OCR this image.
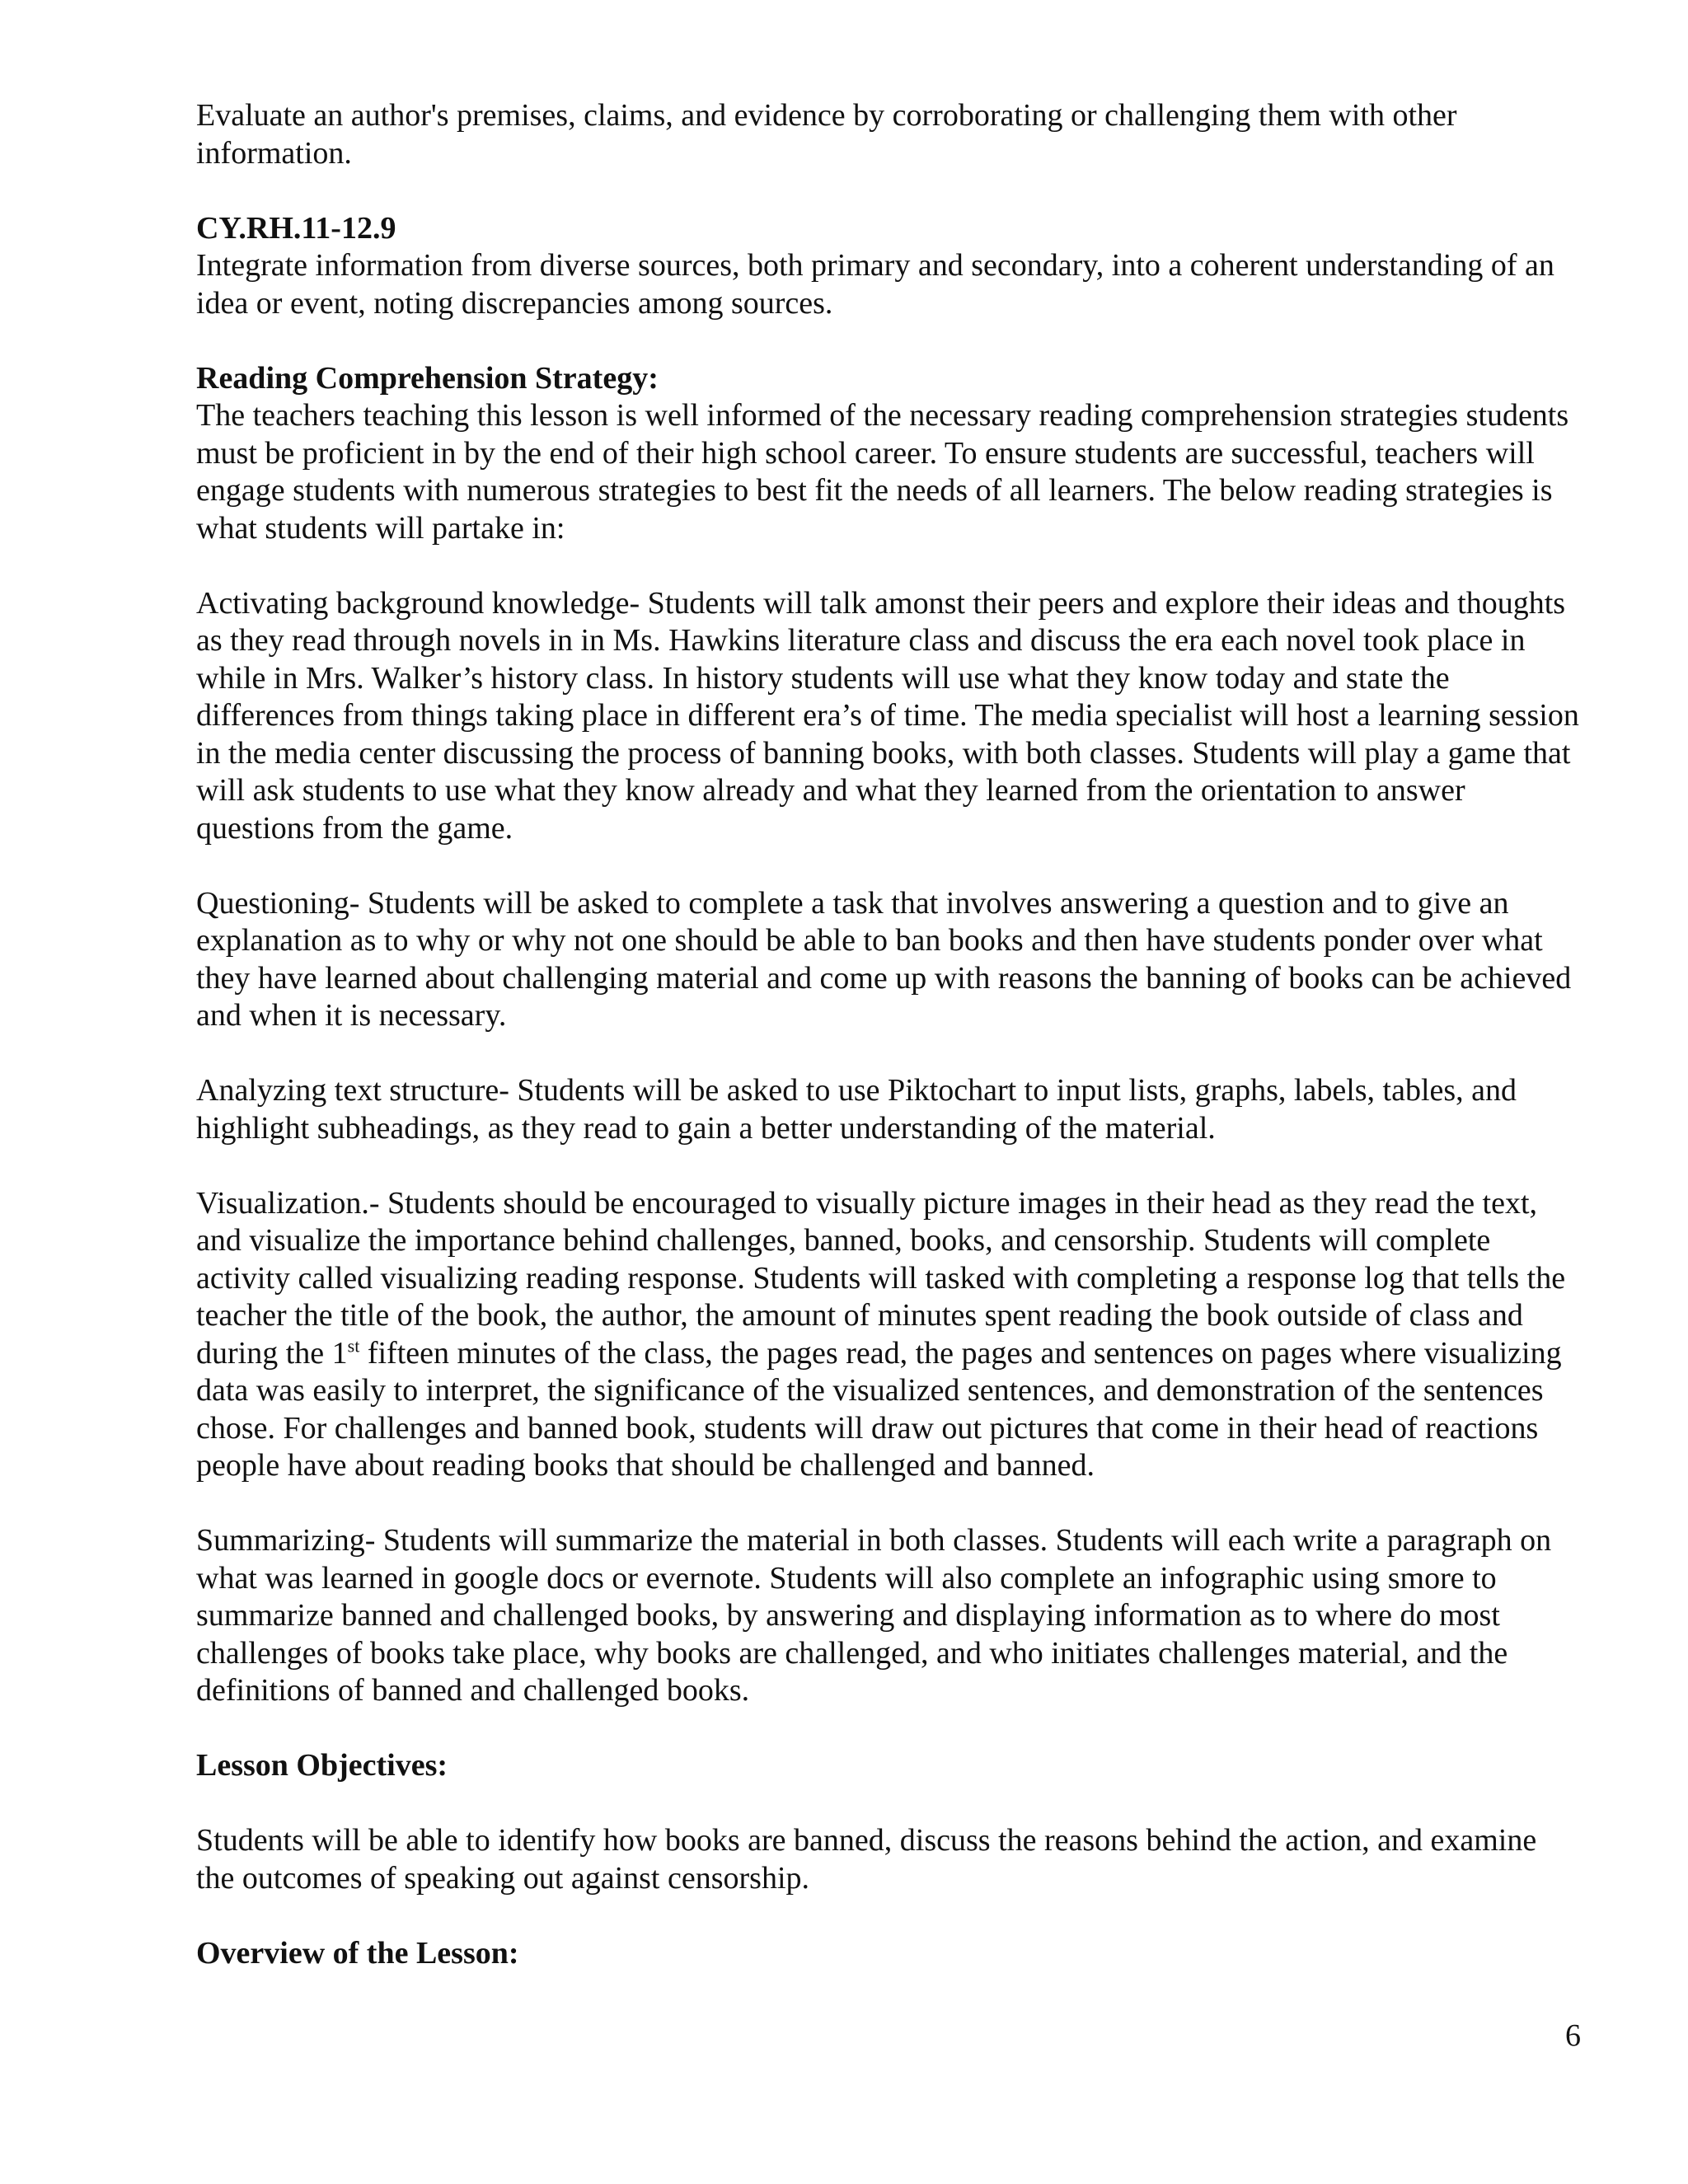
Evaluate an author's premises, claims, and evidence by corroborating or challenging them with other information.

CY.RH.11-12.9

Integrate information from diverse sources, both primary and secondary, into a coherent understanding of an idea or event, noting discrepancies among sources.

Reading Comprehension Strategy:

The teachers teaching this lesson is well informed of the necessary reading comprehension strategies students must be proficient in by the end of their high school career. To ensure students are successful, teachers will engage students with numerous strategies to best fit the needs of all learners. The below reading strategies is what students will partake in:

Activating background knowledge- Students will talk amonst their peers and explore their ideas and thoughts as they read through novels in in Ms. Hawkins literature class and discuss the era each novel took place in while in Mrs. Walker’s history class. In history students will use what they know today and state the differences from things taking place in different era’s of time. The media specialist will host a learning session in the media center discussing the process of banning books, with both classes. Students will play a game that will ask students to use what they know already and what they learned from the orientation to answer questions from the game.

Questioning- Students will be asked to complete a task that involves answering a question and to give an explanation as to why or why not one should be able to ban books and then have students ponder over what they have learned about challenging material and come up with reasons the banning of books can be achieved and when it is necessary.

Analyzing text structure- Students will be asked to use Piktochart to input lists, graphs, labels, tables, and highlight subheadings, as they read to gain a better understanding of the material.

Visualization.- Students should be encouraged to visually picture images in their head as they read the text, and visualize the importance behind challenges, banned, books, and censorship. Students will complete activity called visualizing reading response. Students will tasked with completing a response log that tells the teacher the title of the book, the author, the amount of minutes spent reading the book outside of class and during the 1st fifteen minutes of the class, the pages read, the pages and sentences on pages where visualizing data was easily to interpret, the significance of the visualized sentences, and demonstration of the sentences chose. For challenges and banned book, students will draw out pictures that come in their head of reactions people have about reading books that should be challenged and banned.

Summarizing- Students will summarize the material in both classes. Students will each write a paragraph on what was learned in google docs or evernote. Students will also complete an infographic using smore to summarize banned and challenged books, by answering and displaying information as to where do most challenges of books take place, why books are challenged, and who initiates challenges material, and the definitions of banned and challenged books.

Lesson Objectives:

Students will be able to identify how books are banned, discuss the reasons behind the action, and examine the outcomes of speaking out against censorship.

Overview of the Lesson:

6
